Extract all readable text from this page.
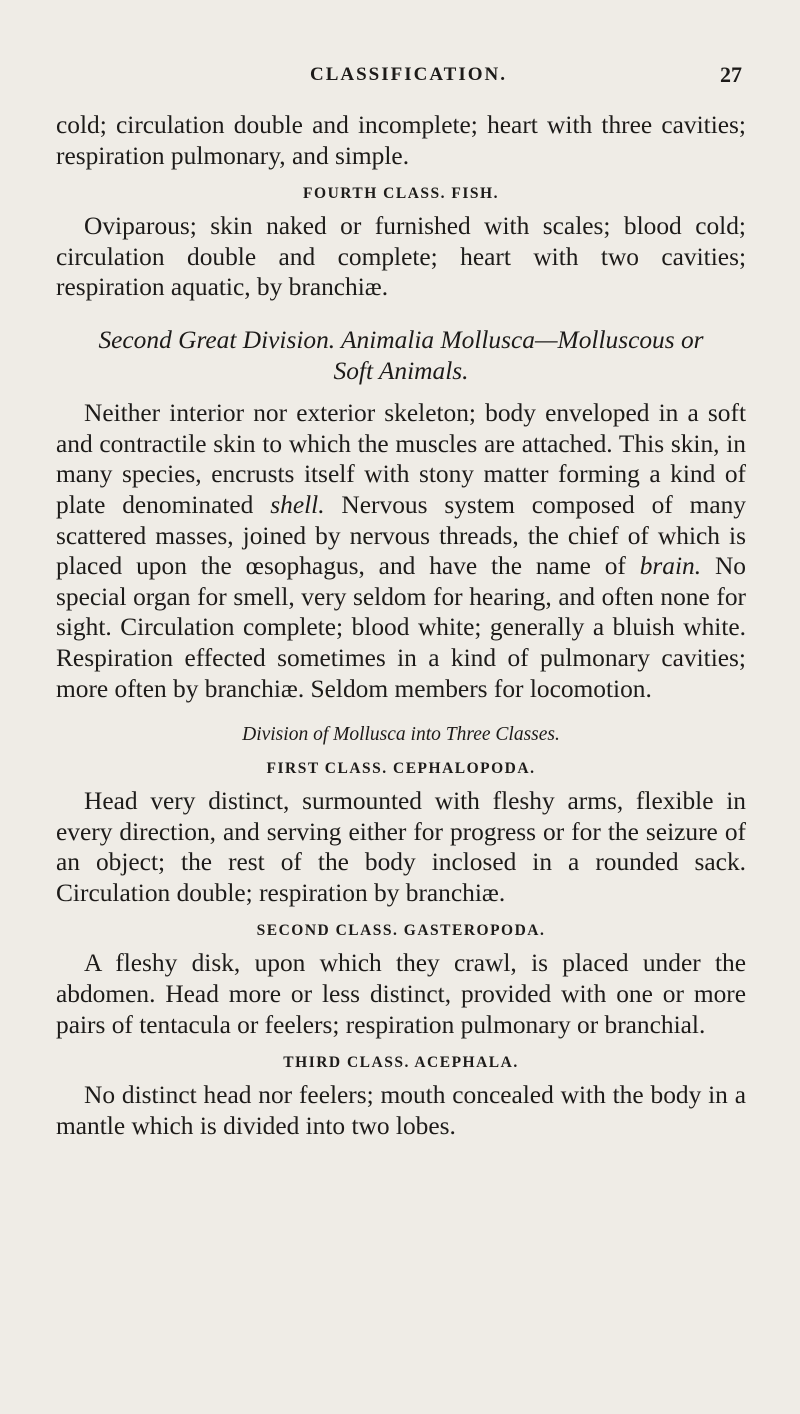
CLASSIFICATION.	27

cold; circulation double and incomplete; heart with three cavities; respiration pulmonary, and simple.

FOURTH CLASS. FISH.

Oviparous; skin naked or furnished with scales; blood cold; circulation double and complete; heart with two cavities; respiration aquatic, by branchiæ.

Second Great Division. Animalia Mollusca—Molluscous or
Soft Animals.

Neither interior nor exterior skeleton; body enveloped in a soft and contractile skin to which the muscles are attached. This skin, in many species, encrusts itself with stony matter forming a kind of plate denominated shell. Nervous system composed of many scattered masses, joined by nervous threads, the chief of which is placed upon the œsophagus, and have the name of brain. No special organ for smell, very seldom for hearing, and often none for sight. Circulation complete; blood white; generally a bluish white. Respiration effected sometimes in a kind of pulmonary cavities; more often by branchiæ. Seldom members for locomotion.

Division of Mollusca into Three Classes.
FIRST CLASS. CEPHALOPODA.

Head very distinct, surmounted with fleshy arms, flexible in every direction, and serving either for progress or for the seizure of an object; the rest of the body inclosed in a rounded sack. Circulation double; respiration by branchiæ.

SECOND CLASS. GASTEROPODA.

A fleshy disk, upon which they crawl, is placed under the abdomen. Head more or less distinct, provided with one or more pairs of tentacula or feelers; respiration pulmonary or branchial.

THIRD CLASS. ACEPHALA.

No distinct head nor feelers; mouth concealed with the body in a mantle which is divided into two lobes.
